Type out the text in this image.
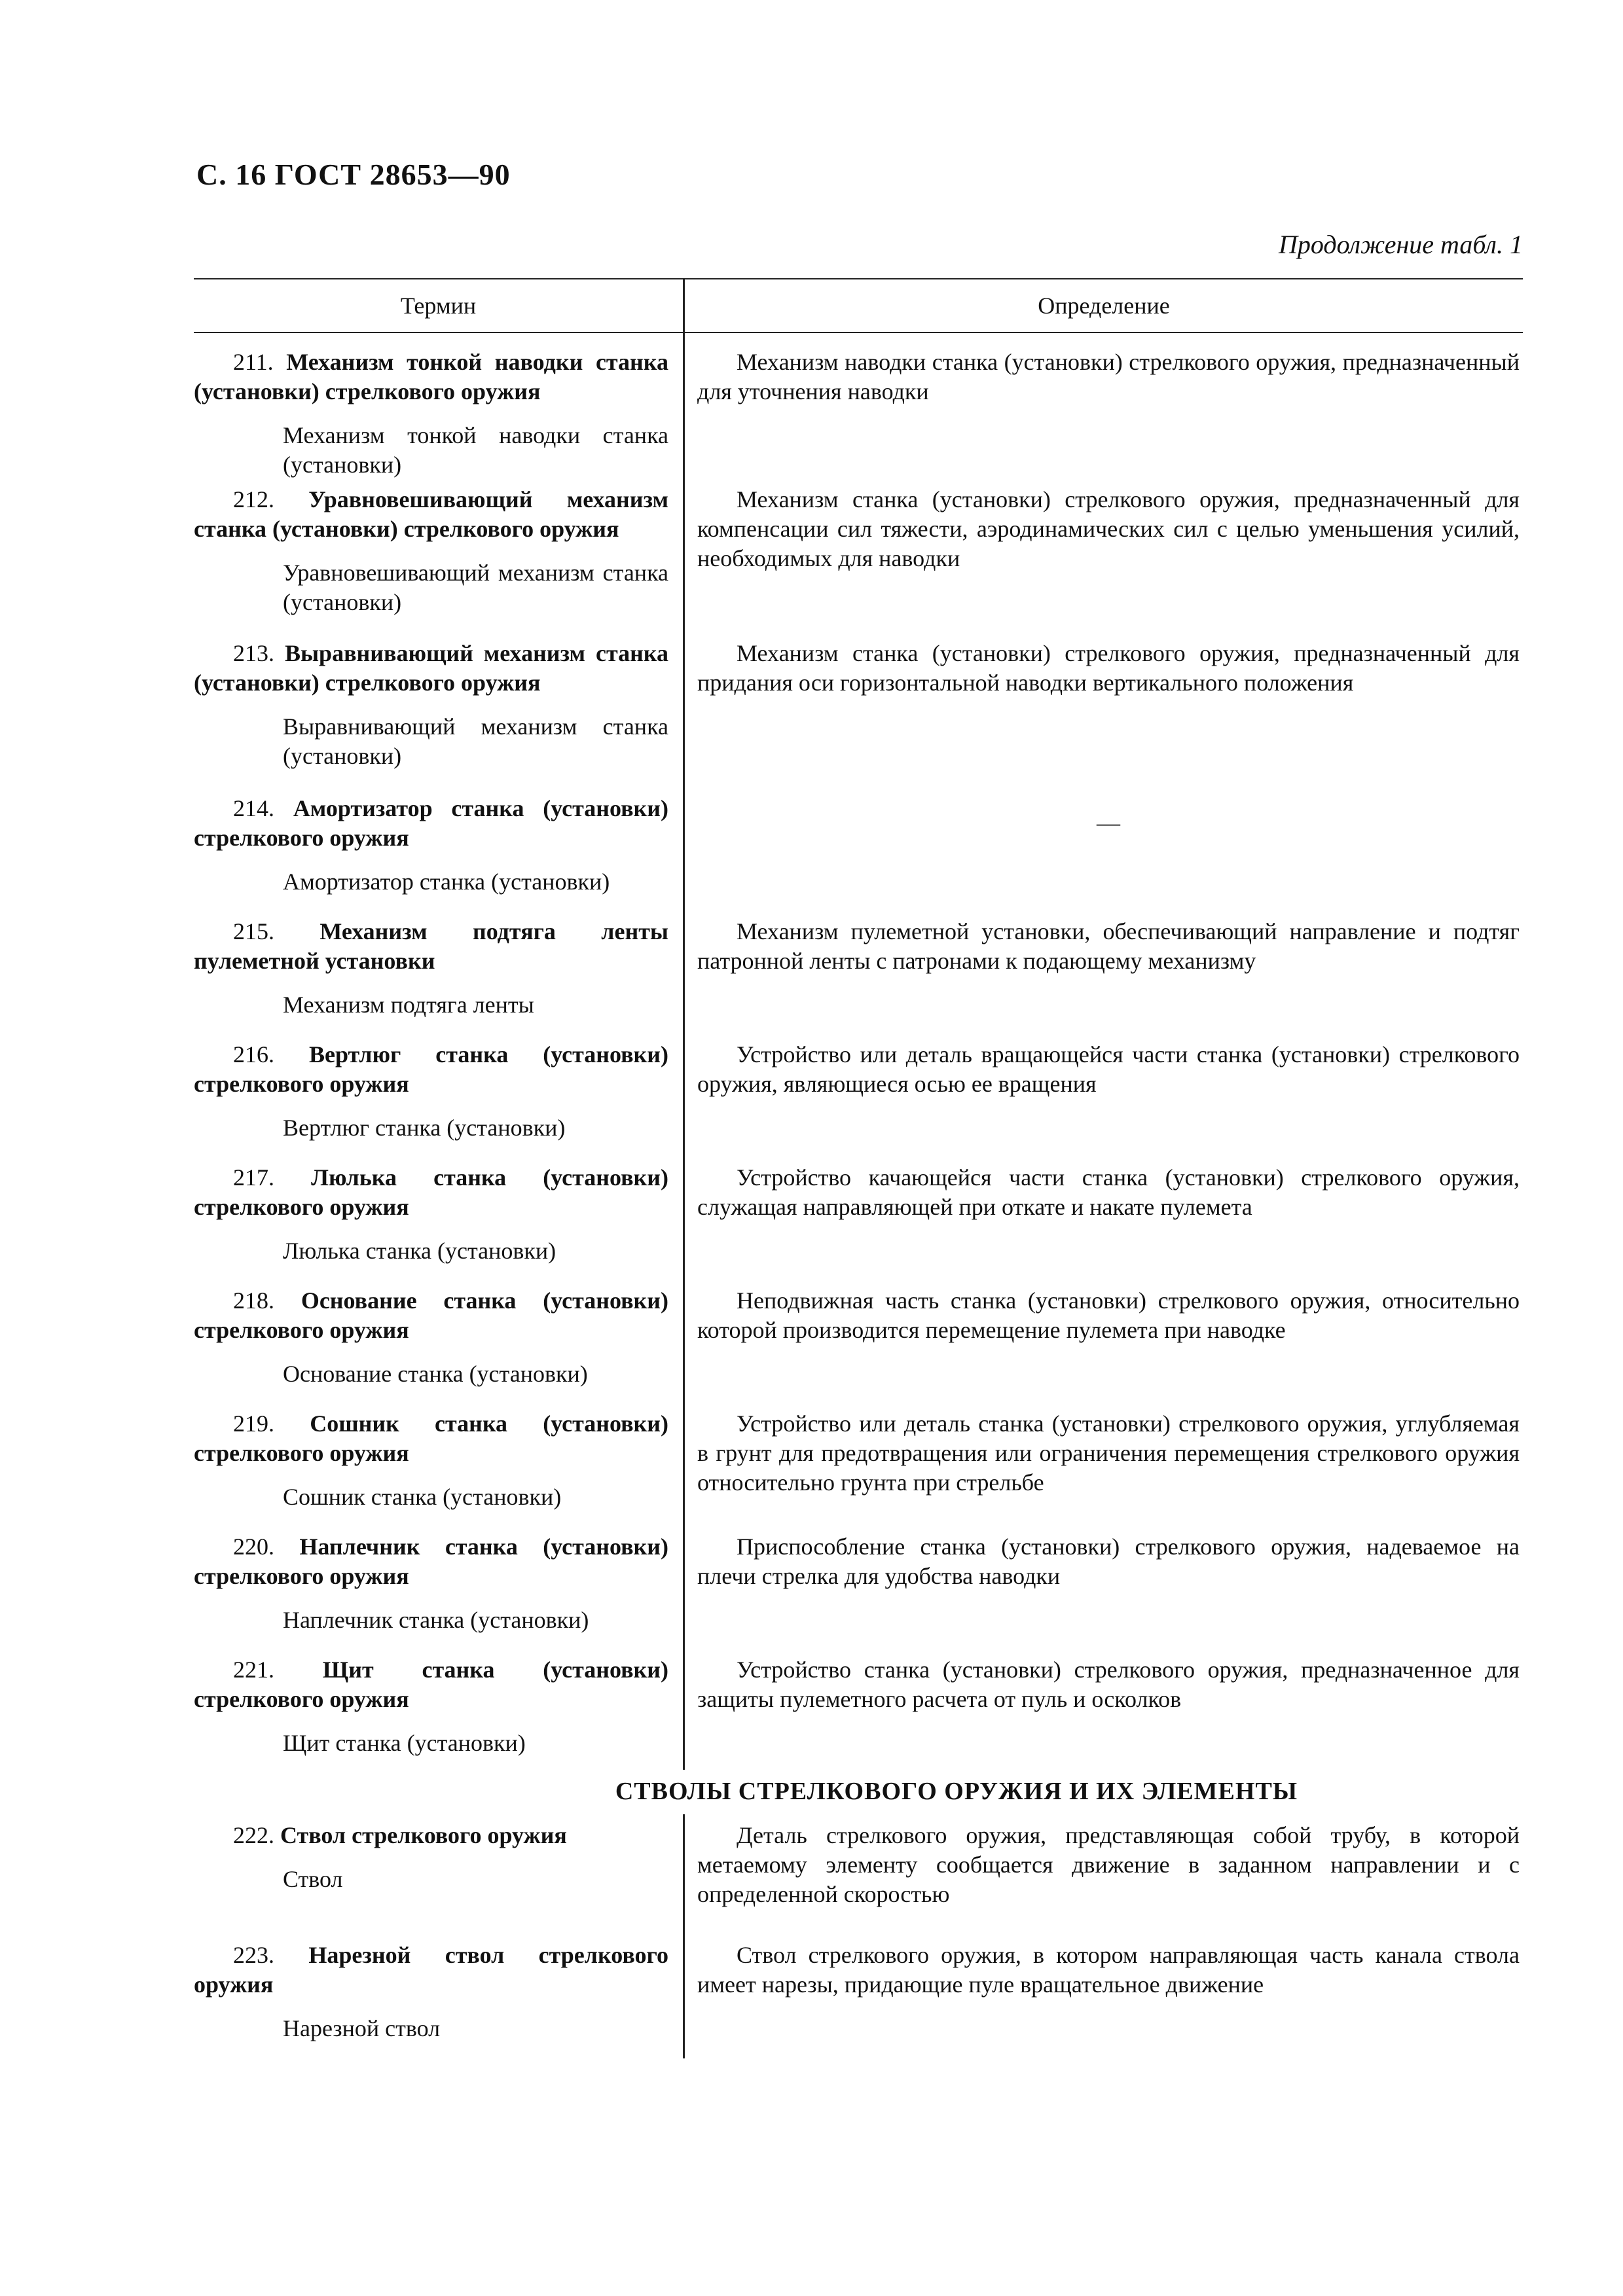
С. 16 ГОСТ 28653—90
Продолжение табл. 1
Термин	Определение
211. Механизм тонкой наводки станка (установки) стрелкового оружия
Механизм тонкой наводки станка (установки)
Механизм наводки станка (установки) стрелкового оружия, предназначенный для уточнения наводки
212. Уравновешивающий механизм станка (установки) стрелкового оружия
Уравновешивающий механизм станка (установки)
Механизм станка (установки) стрелкового оружия, предназначенный для компенсации сил тяжести, аэродинамических сил с целью уменьшения усилий, необходимых для наводки
213. Выравнивающий механизм станка (установки) стрелкового оружия
Выравнивающий механизм станка (установки)
Механизм станка (установки) стрелкового оружия, предназначенный для придания оси горизонтальной наводки вертикального положения
214. Амортизатор станка (установки) стрелкового оружия
Амортизатор станка (установки)
—
215. Механизм подтяга ленты пулеметной установки
Механизм подтяга ленты
Механизм пулеметной установки, обеспечивающий направление и подтяг патронной ленты с патронами к подающему механизму
216. Вертлюг станка (установки) стрелкового оружия
Вертлюг станка (установки)
Устройство или деталь вращающейся части станка (установки) стрелкового оружия, являющиеся осью ее вращения
217. Люлька станка (установки) стрелкового оружия
Люлька станка (установки)
Устройство качающейся части станка (установки) стрелкового оружия, служащая направляющей при откате и накате пулемета
218. Основание станка (установки) стрелкового оружия
Основание станка (установки)
Неподвижная часть станка (установки) стрелкового оружия, относительно которой производится перемещение пулемета при наводке
219. Сошник станка (установки) стрелкового оружия
Сошник станка (установки)
Устройство или деталь станка (установки) стрелкового оружия, углубляемая в грунт для предотвращения или ограничения перемещения стрелкового оружия относительно грунта при стрельбе
220. Наплечник станка (установки) стрелкового оружия
Наплечник станка (установки)
Приспособление станка (установки) стрелкового оружия, надеваемое на плечи стрелка для удобства наводки
221. Щит станка (установки) стрелкового оружия
Щит станка (установки)
Устройство станка (установки) стрелкового оружия, предназначенное для защиты пулеметного расчета от пуль и осколков
СТВОЛЫ СТРЕЛКОВОГО ОРУЖИЯ И ИХ ЭЛЕМЕНТЫ
222. Ствол стрелкового оружия
Ствол
Деталь стрелкового оружия, представляющая собой трубу, в которой метаемому элементу сообщается движение в заданном направлении и с определенной скоростью
223. Нарезной ствол стрелкового оружия
Нарезной ствол
Ствол стрелкового оружия, в котором направляющая часть канала ствола имеет нарезы, придающие пуле вращательное движение
